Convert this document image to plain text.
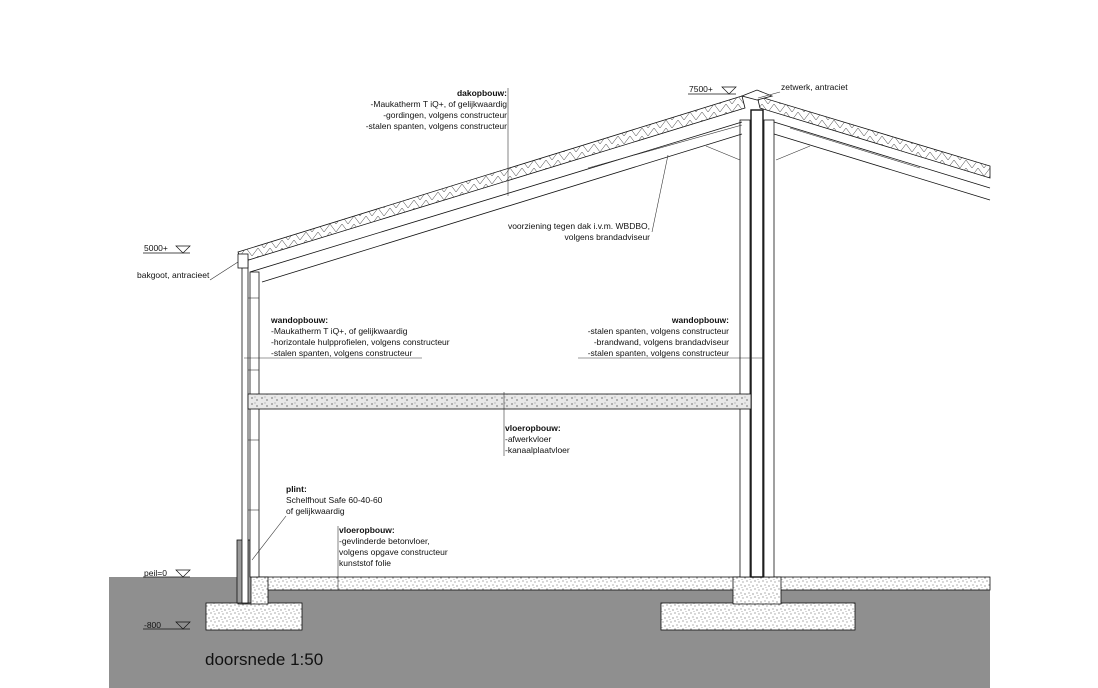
7500+
5000+
peil=0
-800
zetwerk, antraciet
bakgoot, antracieet
dakopbouw:
-Maukatherm T iQ+, of gelijkwaardig
-gordingen, volgens constructeur
-stalen spanten, volgens constructeur
voorziening tegen dak i.v.m. WBDBO,
volgens brandadviseur
wandopbouw:
-Maukatherm T iQ+, of gelijkwaardig
-horizontale hulpprofielen, volgens constructeur
-stalen spanten, volgens constructeur
wandopbouw:
-stalen spanten, volgens constructeur
-brandwand, volgens brandadviseur
-stalen spanten, volgens constructeur
vloeropbouw:
-afwerkvloer
-kanaalplaatvloer
plint:
Schelfhout Safe 60-40-60
of gelijkwaardig
vloeropbouw:
-gevlinderde betonvloer,
volgens opgave constructeur
kunststof folie
doorsnede 1:50
